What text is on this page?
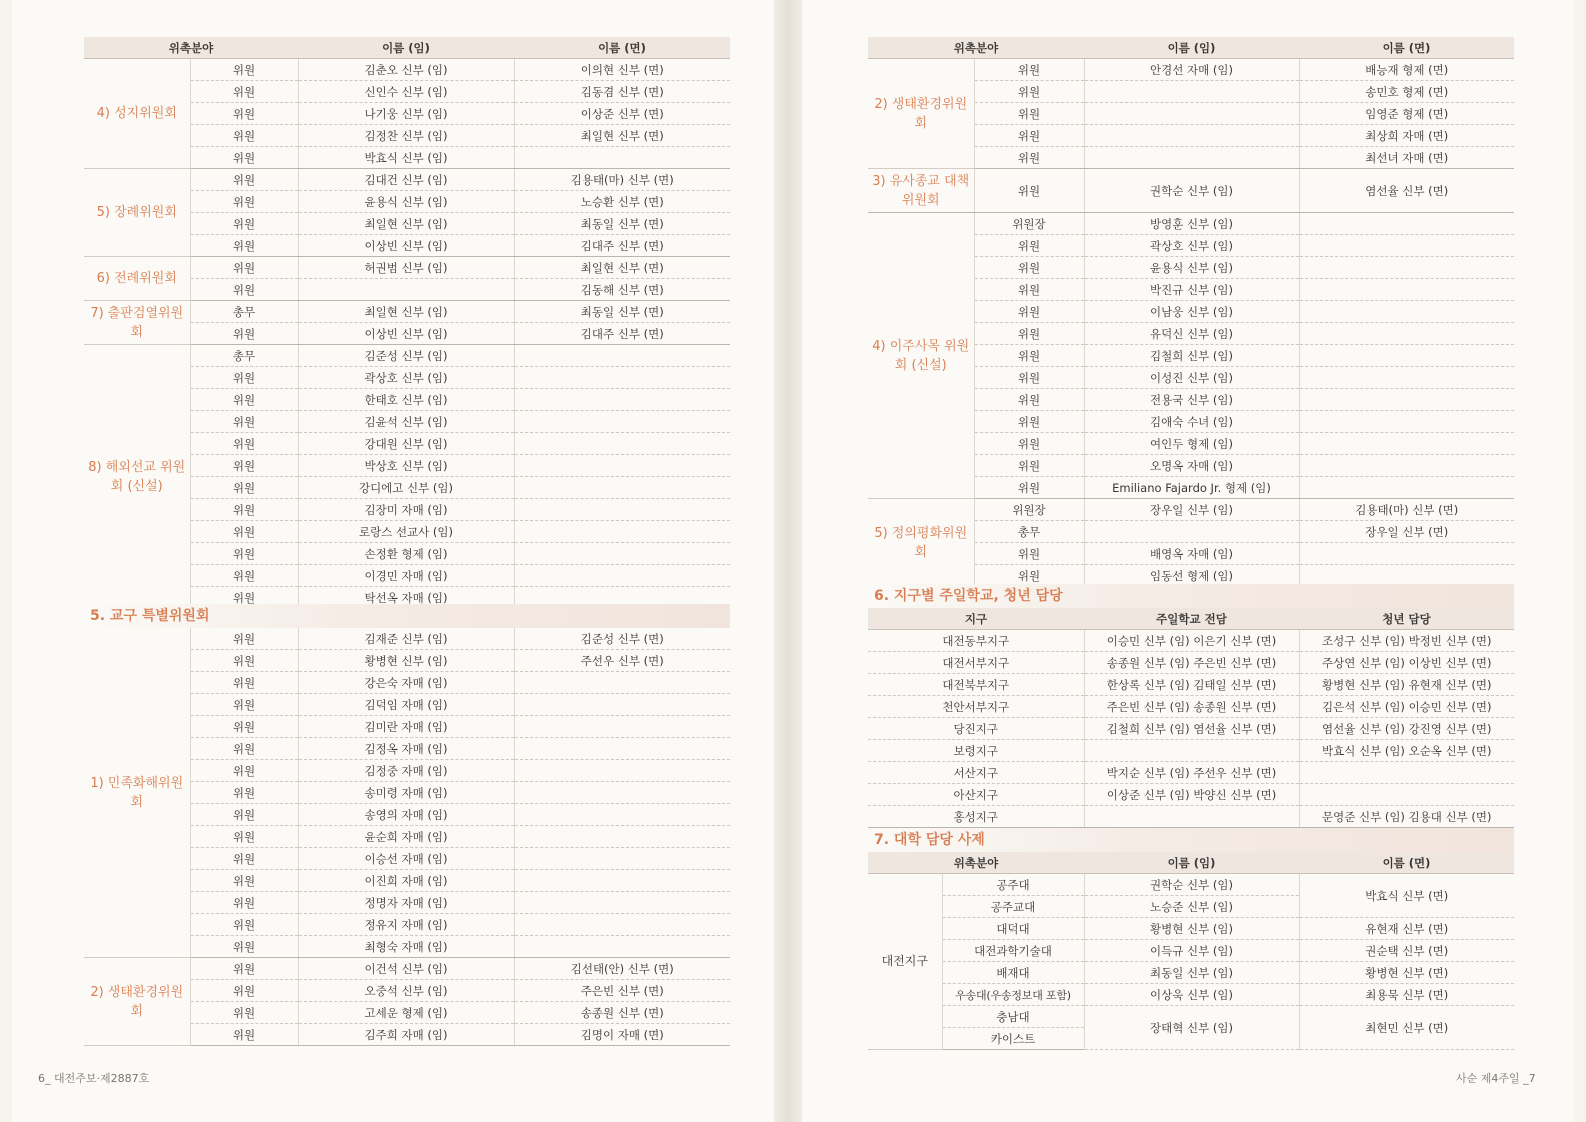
위촉분야		이름 (임)	이름 (면)
4) 성지위원회	위원	김춘오 신부 (임)	이의현 신부 (면)
	위원	신인수 신부 (임)	김동겸 신부 (면)
	위원	나기웅 신부 (임)	이상준 신부 (면)
	위원	김정찬 신부 (임)	최일현 신부 (면)
	위원	박효식 신부 (임)	
5) 장례위원회	위원	김대건 신부 (임)	김용태(마) 신부 (면)
	위원	윤용식 신부 (임)	노승환 신부 (면)
	위원	최일현 신부 (임)	최동일 신부 (면)
	위원	이상빈 신부 (임)	김대주 신부 (면)
6) 전례위원회	위원	허권범 신부 (임)	최일현 신부 (면)
	위원		김동해 신부 (면)
7) 출판검열위원회	총무	최일현 신부 (임)	최동일 신부 (면)
	위원	이상빈 신부 (임)	김대주 신부 (면)
8) 해외선교 위원회 (신설)	총무	김준성 신부 (임)	
	위원	곽상호 신부 (임)	
	위원	한태호 신부 (임)	
	위원	김윤석 신부 (임)	
	위원	강대원 신부 (임)	
	위원	박상호 신부 (임)	
	위원	강디에고 신부 (임)	
	위원	김장미 자매 (임)	
	위원	로랑스 선교사 (임)	
	위원	손정환 형제 (임)	
	위원	이경민 자매 (임)	
	위원	탁선옥 자매 (임)	
5. 교구 특별위원회
1) 민족화해위원회	위원	김재준 신부 (임)	김준성 신부 (면)
	위원	황병현 신부 (임)	주선우 신부 (면)
	위원	강은숙 자매 (임)	
	위원	김덕임 자매 (임)	
	위원	김미란 자매 (임)	
	위원	김정옥 자매 (임)	
	위원	김정중 자매 (임)	
	위원	송미령 자매 (임)	
	위원	송영의 자매 (임)	
	위원	윤순희 자매 (임)	
	위원	이승선 자매 (임)	
	위원	이진희 자매 (임)	
	위원	정명자 자매 (임)	
	위원	정유지 자매 (임)	
	위원	최형숙 자매 (임)	
2) 생태환경위원회	위원	이건석 신부 (임)	김선태(안) 신부 (면)
	위원	오중석 신부 (임)	주은빈 신부 (면)
	위원	고세운 형제 (임)	송종원 신부 (면)
	위원	김주희 자매 (임)	김명이 자매 (면)
6_ 대전주보·제2887호
위촉분야		이름 (임)	이름 (면)
2) 생태환경위원회	위원	안경선 자매 (임)	배능재 형제 (면)
	위원		송민호 형제 (면)
	위원		임영준 형제 (면)
	위원		최상희 자매 (면)
	위원		최선녀 자매 (면)
3) 유사종교 대책위원회	위원	권학순 신부 (임)	염선율 신부 (면)
4) 이주사목 위원회 (신설)	위원장	방영훈 신부 (임)	
	위원	곽상호 신부 (임)	
	위원	윤용식 신부 (임)	
	위원	박진규 신부 (임)	
	위원	이남웅 신부 (임)	
	위원	유덕신 신부 (임)	
	위원	김철희 신부 (임)	
	위원	이성진 신부 (임)	
	위원	전용국 신부 (임)	
	위원	김애숙 수녀 (임)	
	위원	여인두 형제 (임)	
	위원	오명옥 자매 (임)	
	위원	Emiliano Fajardo Jr. 형제 (임)	
5) 정의평화위원회	위원장	장우일 신부 (임)	김용태(마) 신부 (면)
	총무		장우일 신부 (면)
	위원	배영옥 자매 (임)	
	위원	임동선 형제 (임)	
6. 지구별 주일학교, 청년 담당
지구	주일학교 전담	청년 담당
대전동부지구	이승민 신부 (임) 이은기 신부 (면)	조성구 신부 (임) 박정빈 신부 (면)
대전서부지구	송종원 신부 (임) 주은빈 신부 (면)	주상연 신부 (임) 이상빈 신부 (면)
대전북부지구	한상록 신부 (임) 김태일 신부 (면)	황병현 신부 (임) 유현재 신부 (면)
천안서부지구	주은빈 신부 (임) 송종원 신부 (면)	김은석 신부 (임) 이승민 신부 (면)
당진지구	김철희 신부 (임) 염선율 신부 (면)	염선율 신부 (임) 강진영 신부 (면)
보령지구		박효식 신부 (임) 오순옥 신부 (면)
서산지구	박지순 신부 (임) 주선우 신부 (면)	
아산지구	이상준 신부 (임) 박양신 신부 (면)	
홍성지구		문영준 신부 (임) 김용대 신부 (면)
7. 대학 담당 사제
위촉분야		이름 (임)	이름 (면)
대전지구	공주대	권학순 신부 (임)	박효식 신부 (면)
	공주교대	노승준 신부 (임)	
	대덕대	황병현 신부 (임)	유현재 신부 (면)
	대전과학기술대	이득규 신부 (임)	권순택 신부 (면)
	배재대	최동일 신부 (임)	황병현 신부 (면)
	우송대(우송정보대 포함)	이상욱 신부 (임)	최용묵 신부 (면)
	충남대	장태혁 신부 (임)	최현민 신부 (면)
	카이스트		
사순 제4주일 _7
